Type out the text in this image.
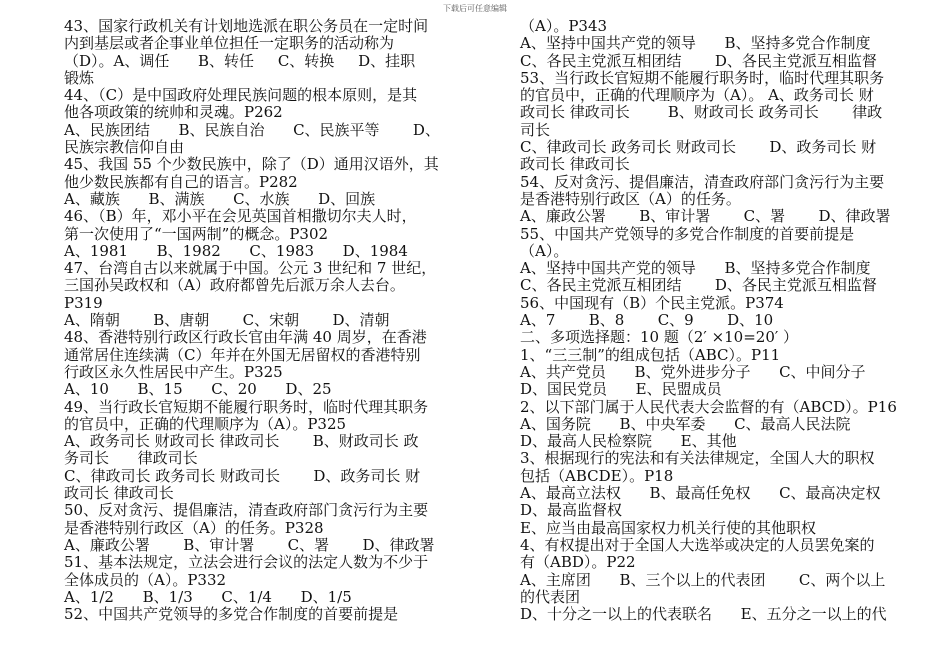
下载后可任意编辑
43、国家行政机关有计划地选派在职公务员在一定时间
内到基层或者企事业单位担任一定职务的活动称为
（D）。A、调任      B、转任     C、转换     D、挂职
锻炼
44、（C）是中国政府处理民族问题的根本原则，是其
他各项政策的统帅和灵魂。P262
A、民族团结      B、民族自治      C、民族平等       D、
民族宗教信仰自由
45、我国 55 个少数民族中，除了（D）通用汉语外，其
他少数民族都有自己的语言。P282
A、藏族      B、满族      C、水族      D、回族
46、（B）年，邓小平在会见英国首相撒切尔夫人时，
第一次使用了“一国两制”的概念。P302
A、1981      B、1982      C、1983      D、1984
47、台湾自古以来就属于中国。公元 3 世纪和 7 世纪，
三国孙吴政权和（A）政府都曾先后派万余人去台。
P319
A、隋朝       B、唐朝       C、宋朝       D、清朝
48、香港特别行政区行政长官由年满 40 周岁，在香港
通常居住连续满（C）年并在外国无居留权的香港特别
行政区永久性居民中产生。P325
A、10      B、15      C、20      D、25
49、当行政长官短期不能履行职务时，临时代理其职务
的官员中，正确的代理顺序为（A）。P325
A、政务司长 财政司长 律政司长       B、财政司长 政
务司长      律政司长
C、律政司长 政务司长 财政司长       D、政务司长 财
政司长 律政司长
50、反对贪污、提倡廉洁，清查政府部门贪污行为主要
是香港特别行政区（A）的任务。P328
A、廉政公署       B、审计署       C、署       D、律政署
51、基本法规定，立法会进行会议的法定人数为不少于
全体成员的（A）。P332
A、1/2      B、1/3      C、1/4      D、1/5
52、中国共产党领导的多党合作制度的首要前提是
（A）。P343
A、坚持中国共产党的领导      B、坚持多党合作制度
C、各民主党派互相团结       D、各民主党派互相监督
53、当行政长官短期不能履行职务时，临时代理其职务
的官员中，正确的代理顺序为（A）。 A、政务司长 财
政司长 律政司长        B、财政司长 政务司长       律政
司长
C、律政司长 政务司长 财政司长       D、政务司长 财
政司长 律政司长
54、反对贪污、提倡廉洁，清查政府部门贪污行为主要
是香港特别行政区（A）的任务。
A、廉政公署       B、审计署       C、署       D、律政署
55、中国共产党领导的多党合作制度的首要前提是
（A）。
A、坚持中国共产党的领导      B、坚持多党合作制度
C、各民主党派互相团结       D、各民主党派互相监督
56、中国现有（B）个民主党派。P374
A、7       B、8       C、9       D、10
二、多项选择题：10 题（2′ ×10=20′ ）
1、“三三制”的组成包括（ABC）。P11
A、共产党员      B、党外进步分子      C、中间分子
D、国民党员      E、民盟成员
2、以下部门属于人民代表大会监督的有（ABCD）。P16
A、国务院      B、中央军委      C、最高人民法院
D、最高人民检察院      E、其他
3、根据现行的宪法和有关法律规定，全国人大的职权
包括（ABCDE）。P18
A、最高立法权      B、最高任免权      C、最高决定权
D、最高监督权
E、应当由最高国家权力机关行使的其他职权
4、有权提出对于全国人大选举或决定的人员罢免案的
有（ABD）。P22
A、主席团      B、三个以上的代表团       C、两个以上
的代表团
D、十分之一以上的代表联名      E、五分之一以上的代
